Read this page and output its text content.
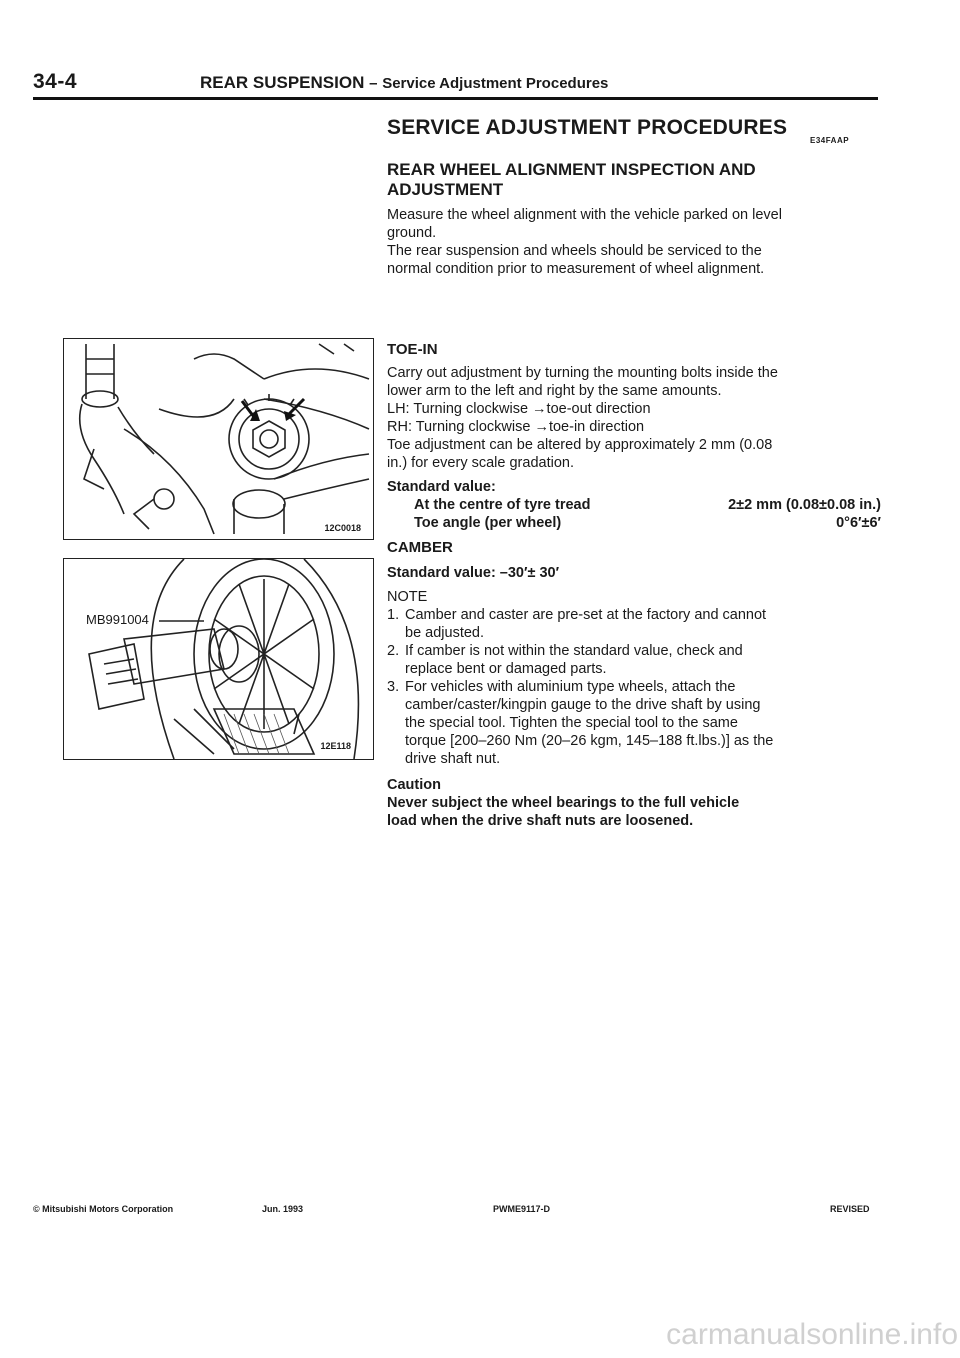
34-4	REAR SUSPENSION – Service Adjustment Procedures
SERVICE ADJUSTMENT PROCEDURES
E34FAAP
REAR WHEEL ALIGNMENT INSPECTION AND
ADJUSTMENT
Measure the wheel alignment with the vehicle parked on level
ground.
The rear suspension and wheels should be serviced to the
normal condition prior to measurement of wheel alignment.
12C0018
MB991004
12E118
TOE-IN
Carry out adjustment by turning the mounting bolts inside the
lower arm to the left and right by the same amounts.
LH: Turning clockwise →toe-out direction
RH: Turning clockwise →toe-in direction
Toe adjustment can be altered by approximately 2 mm (0.08
in.) for every scale gradation.
Standard value:
At the centre of tyre tread	2±2 mm (0.08±0.08 in.)
Toe angle (per wheel)	0°6′±6′
CAMBER
Standard value: –30′± 30′
NOTE
1. Camber and caster are pre-set at the factory and cannot
be adjusted.
2. If camber is not within the standard value, check and
replace bent or damaged parts.
3. For vehicles with aluminium type wheels, attach the
camber/caster/kingpin gauge to the drive shaft by using
the special tool. Tighten the special tool to the same
torque [200–260 Nm (20–26 kgm, 145–188 ft.lbs.)] as the
drive shaft nut.
Caution
Never subject the wheel bearings to the full vehicle
load when the drive shaft nuts are loosened.
© Mitsubishi Motors Corporation	Jun. 1993	PWME9117-D	REVISED
carmanualsonline.info
